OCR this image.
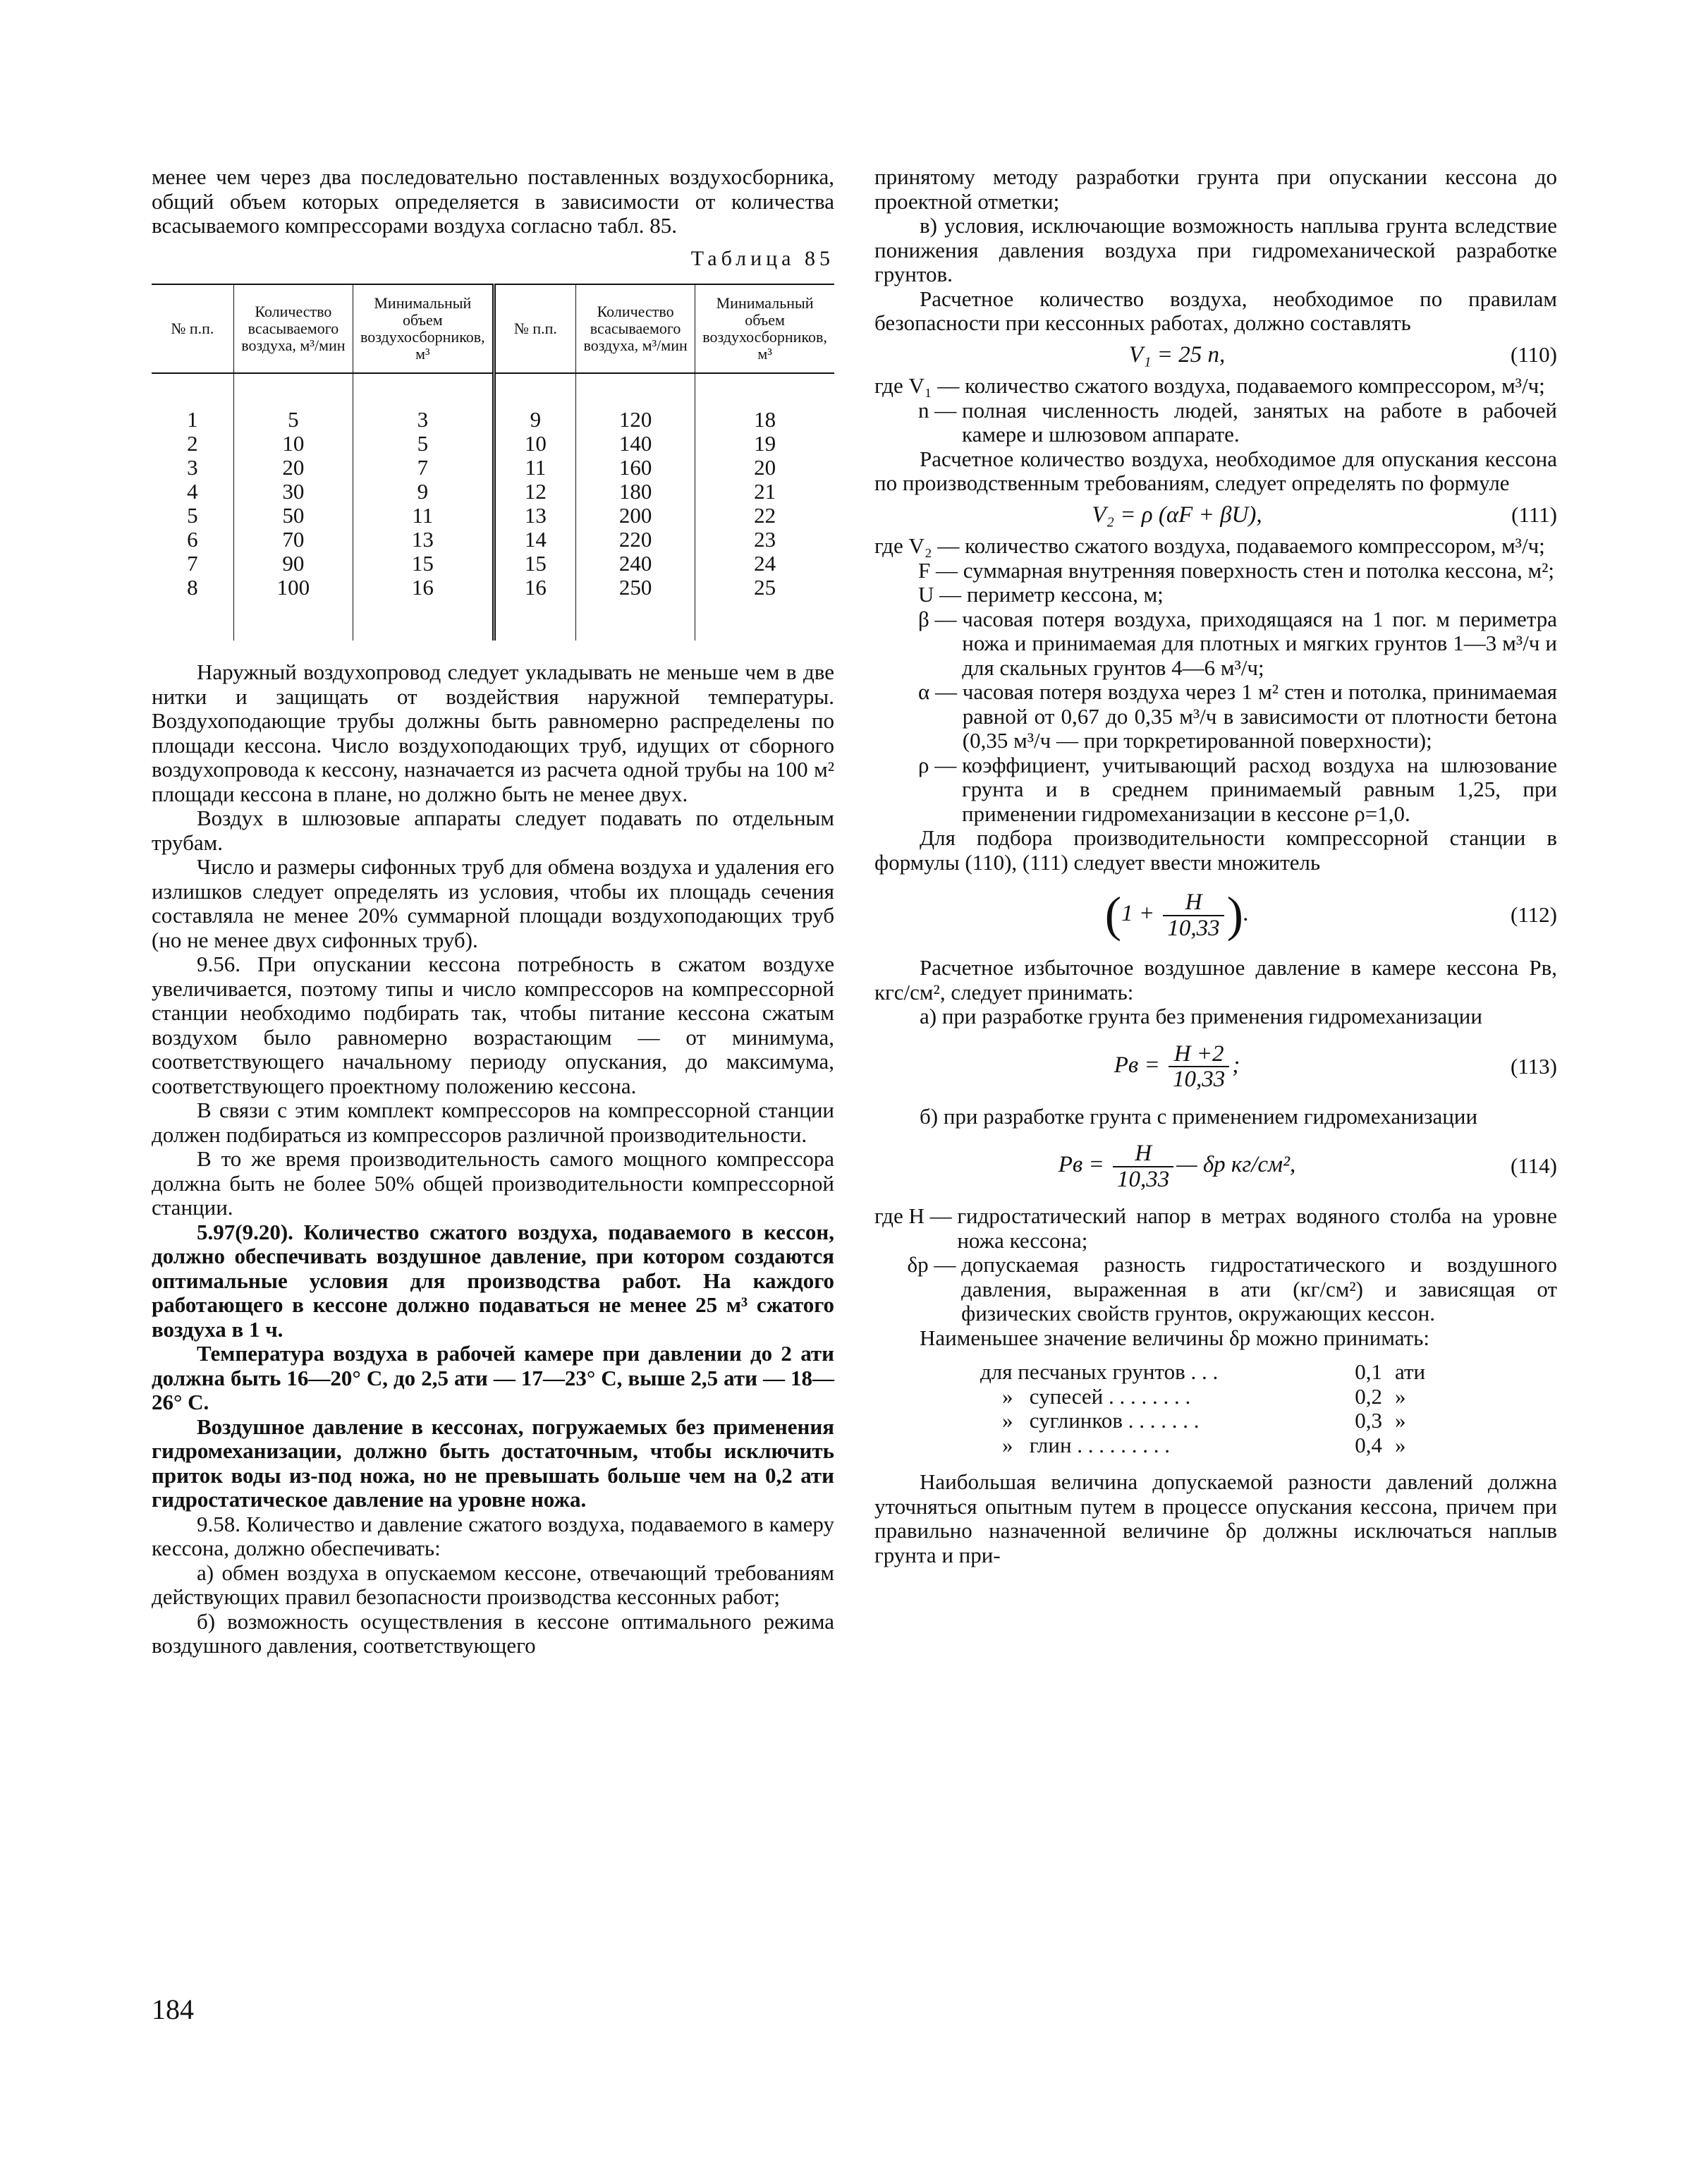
менее чем через два последовательно поставленных воздухосборника, общий объем которых определяется в зависимости от количества всасываемого компрессорами воздуха согласно табл. 85.

Таблица 85
№ п.п.	Количество всасываемого воздуха, м³/мин	Минимальный объем воздухосборников, м³	№ п.п.	Количество всасываемого воздуха, м³/мин	Минимальный объем воздухосборников, м³
1	5	3	9	120	18
2	10	5	10	140	19
3	20	7	11	160	20
4	30	9	12	180	21
5	50	11	13	200	22
6	70	13	14	220	23
7	90	15	15	240	24
8	100	16	16	250	25

Наружный воздухопровод следует укладывать не меньше чем в две нитки и защищать от воздействия наружной температуры. Воздухоподающие трубы должны быть равномерно распределены по площади кессона. Число воздухоподающих труб, идущих от сборного воздухопровода к кессону, назначается из расчета одной трубы на 100 м² площади кессона в плане, но должно быть не менее двух.

Воздух в шлюзовые аппараты следует подавать по отдельным трубам.

Число и размеры сифонных труб для обмена воздуха и удаления его излишков следует определять из условия, чтобы их площадь сечения составляла не менее 20% суммарной площади воздухоподающих труб (но не менее двух сифонных труб).

9.56. При опускании кессона потребность в сжатом воздухе увеличивается, поэтому типы и число компрессоров на компрессорной станции необходимо подбирать так, чтобы питание кессона сжатым воздухом было равномерно возрастающим — от минимума, соответствующего начальному периоду опускания, до максимума, соответствующего проектному положению кессона.

В связи с этим комплект компрессоров на компрессорной станции должен подбираться из компрессоров различной производительности.

В то же время производительность самого мощного компрессора должна быть не более 50% общей производительности компрессорной станции.

5.97(9.20). Количество сжатого воздуха, подаваемого в кессон, должно обеспечивать воздушное давление, при котором создаются оптимальные условия для производства работ. На каждого работающего в кессоне должно подаваться не менее 25 м³ сжатого воздуха в 1 ч.

Температура воздуха в рабочей камере при давлении до 2 ати должна быть 16—20° С, до 2,5 ати — 17—23° С, выше 2,5 ати — 18—26° С.

Воздушное давление в кессонах, погружаемых без применения гидромеханизации, должно быть достаточным, чтобы исключить приток воды из-под ножа, но не превышать больше чем на 0,2 ати гидростатическое давление на уровне ножа.

9.58. Количество и давление сжатого воздуха, подаваемого в камеру кессона, должно обеспечивать:

а) обмен воздуха в опускаемом кессоне, отвечающий требованиям действующих правил безопасности производства кессонных работ;

б) возможность осуществления в кессоне оптимального режима воздушного давления, соответствующего

принятому методу разработки грунта при опускании кессона до проектной отметки;

в) условия, исключающие возможность наплыва грунта вследствие понижения давления воздуха при гидромеханической разработке грунтов.

Расчетное количество воздуха, необходимое по правилам безопасности при кессонных работах, должно составлять

V₁ = 25 n,	(110)
где V₁ — количество сжатого воздуха, подаваемого компрессором, м³/ч;
n — полная численность людей, занятых на работе в рабочей камере и шлюзовом аппарате.

Расчетное количество воздуха, необходимое для опускания кессона по производственным требованиям, следует определять по формуле

V₂ = ρ (αF + βU),	(111)
где V₂ — количество сжатого воздуха, подаваемого компрессором, м³/ч;
F — суммарная внутренняя поверхность стен и потолка кессона, м²;
U — периметр кессона, м;
β — часовая потеря воздуха, приходящаяся на 1 пог. м периметра ножа и принимаемая для плотных и мягких грунтов 1—3 м³/ч и для скальных грунтов 4—6 м³/ч;
α — часовая потеря воздуха через 1 м² стен и потолка, принимаемая равной от 0,67 до 0,35 м³/ч в зависимости от плотности бетона (0,35 м³/ч — при торкретированной поверхности);
ρ — коэффициент, учитывающий расход воздуха на шлюзование грунта и в среднем принимаемый равным 1,25, при применении гидромеханизации в кессоне ρ=1,0.

Для подбора производительности компрессорной станции в формулы (110), (111) следует ввести множитель

($1 + \frac{H}{10,33}$ ).	(112)

Расчетное избыточное воздушное давление в камере кессона Pв, кгс/см², следует принимать:

а) при разработке грунта без применения гидромеханизации

Pв = $\frac{H +2}{10,33}$ ;	(113)

б) при разработке грунта с применением гидромеханизации

Pв = $\frac{H}{10,33}$ — δр кг/см²,	(114)
где H — гидростатический напор в метрах водяного столба на уровне ножа кессона;
δр — допускаемая разность гидростатического и воздушного давления, выраженная в ати (кг/см²) и зависящая от физических свойств грунтов, окружающих кессон.

Наименьшее значение величины δр можно принимать:

для песчаных грунтов . . .	0,1 ати
»   супесей . . . . . . . .	0,2 »
»   суглинков . . . . . . .	0,3 »
»   глин . . . . . . . . .	0,4 »

Наибольшая величина допускаемой разности давлений должна уточняться опытным путем в процессе опускания кессона, причем при правильно назначенной величине δр должны исключаться наплыв грунта и при-

184
